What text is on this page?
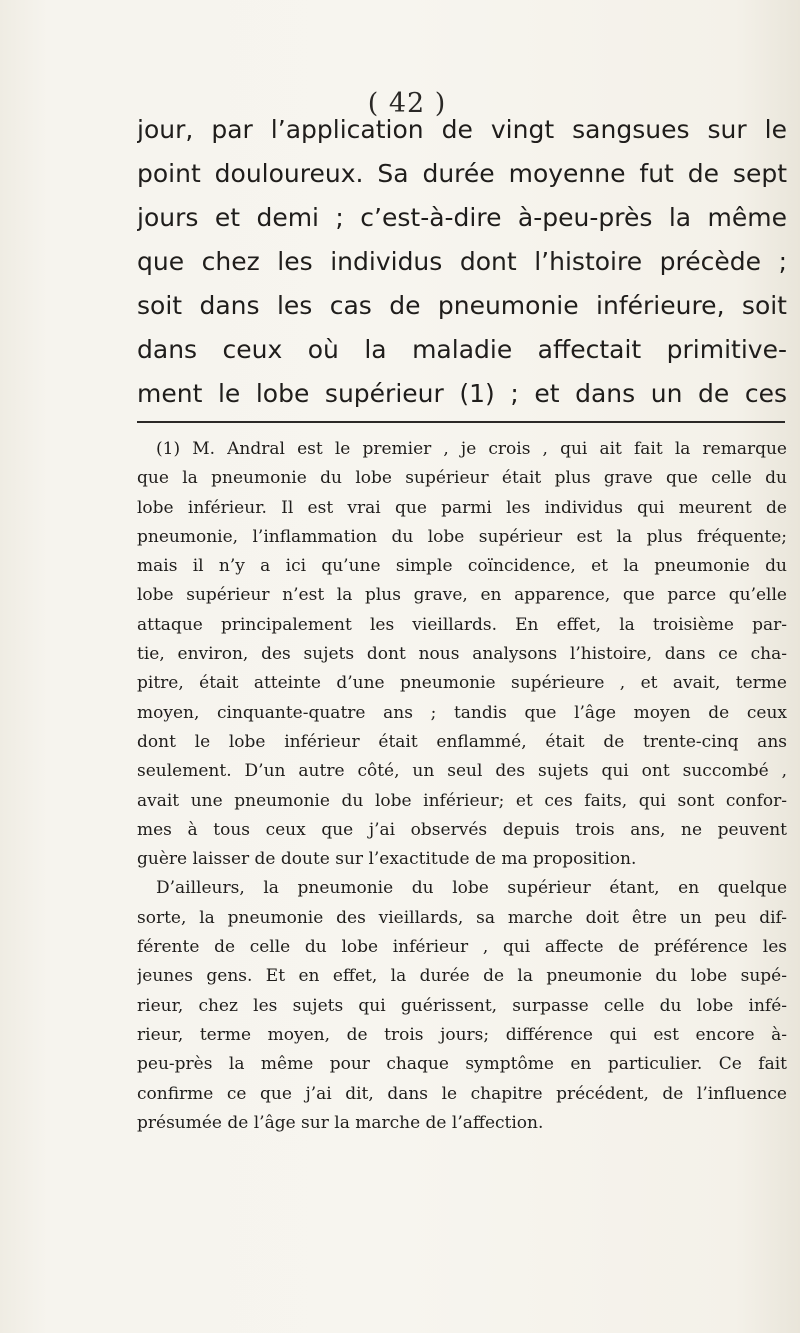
( 42 )
jour, par l’application de vingt sangsues sur le
point douloureux. Sa durée moyenne fut de sept
jours et demi ; c’est-à-dire à-peu-près la même
que chez les individus dont l’histoire précède ;
soit dans les cas de pneumonie inférieure, soit
dans ceux où la maladie affectait primitive-
ment le lobe supérieur (1) ; et dans un de ces
(1) M. Andral est le premier , je crois , qui ait fait la remarque
que la pneumonie du lobe supérieur était plus grave que celle du
lobe inférieur. Il est vrai que parmi les individus qui meurent de
pneumonie, l’inflammation du lobe supérieur est la plus fréquente;
mais il n’y a ici qu’une simple coïncidence, et la pneumonie du
lobe supérieur n’est la plus grave, en apparence, que parce qu’elle
attaque principalement les vieillards. En effet, la troisième par-
tie, environ, des sujets dont nous analysons l’histoire, dans ce cha-
pitre, était atteinte d’une pneumonie supérieure , et avait, terme
moyen, cinquante-quatre ans ; tandis que l’âge moyen de ceux
dont le lobe inférieur était enflammé, était de trente-cinq ans
seulement. D’un autre côté, un seul des sujets qui ont succombé ,
avait une pneumonie du lobe inférieur; et ces faits, qui sont confor-
mes à tous ceux que j’ai observés depuis trois ans, ne peuvent
guère laisser de doute sur l’exactitude de ma proposition.
D’ailleurs, la pneumonie du lobe supérieur étant, en quelque
sorte, la pneumonie des vieillards, sa marche doit être un peu dif-
férente de celle du lobe inférieur , qui affecte de préférence les
jeunes gens. Et en effet, la durée de la pneumonie du lobe supé-
rieur, chez les sujets qui guérissent, surpasse celle du lobe infé-
rieur, terme moyen, de trois jours; différence qui est encore à-
peu-près la même pour chaque symptôme en particulier. Ce fait
confirme ce que j’ai dit, dans le chapitre précédent, de l’influence
présumée de l’âge sur la marche de l’affection.
